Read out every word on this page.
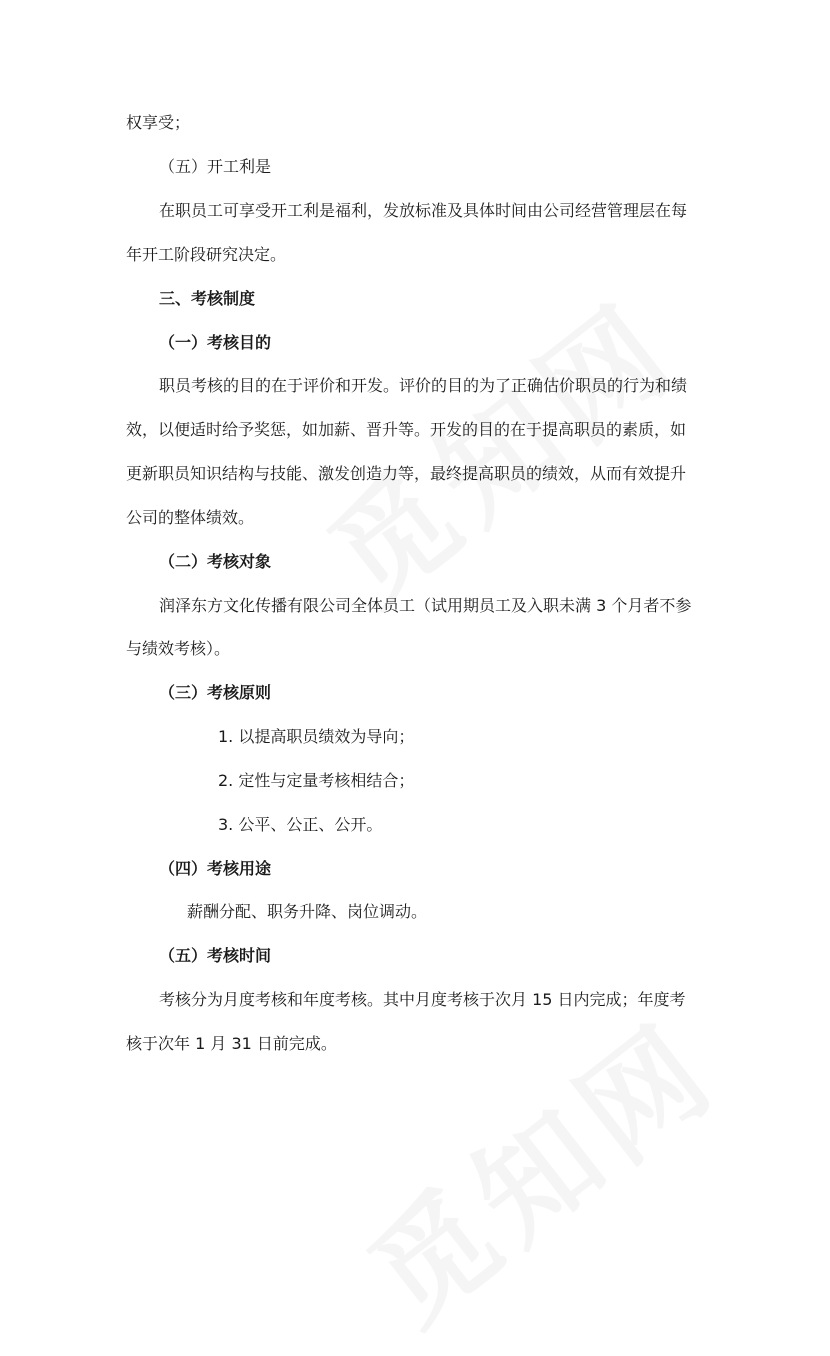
权享受；
（五）开工利是
在职员工可享受开工利是福利，发放标准及具体时间由公司经营管理层在每
年开工阶段研究决定。
三、考核制度
（一）考核目的
职员考核的目的在于评价和开发。评价的目的为了正确估价职员的行为和绩
效，以便适时给予奖惩，如加薪、晋升等。开发的目的在于提高职员的素质，如
更新职员知识结构与技能、激发创造力等，最终提高职员的绩效，从而有效提升
公司的整体绩效。
（二）考核对象
润泽东方文化传播有限公司全体员工（试用期员工及入职未满 3 个月者不参
与绩效考核）。
（三）考核原则
1. 以提高职员绩效为导向；
2. 定性与定量考核相结合；
3. 公平、公正、公开。
（四）考核用途
薪酬分配、职务升降、岗位调动。
（五）考核时间
考核分为月度考核和年度考核。其中月度考核于次月 15 日内完成；年度考
核于次年 1 月 31 日前完成。
